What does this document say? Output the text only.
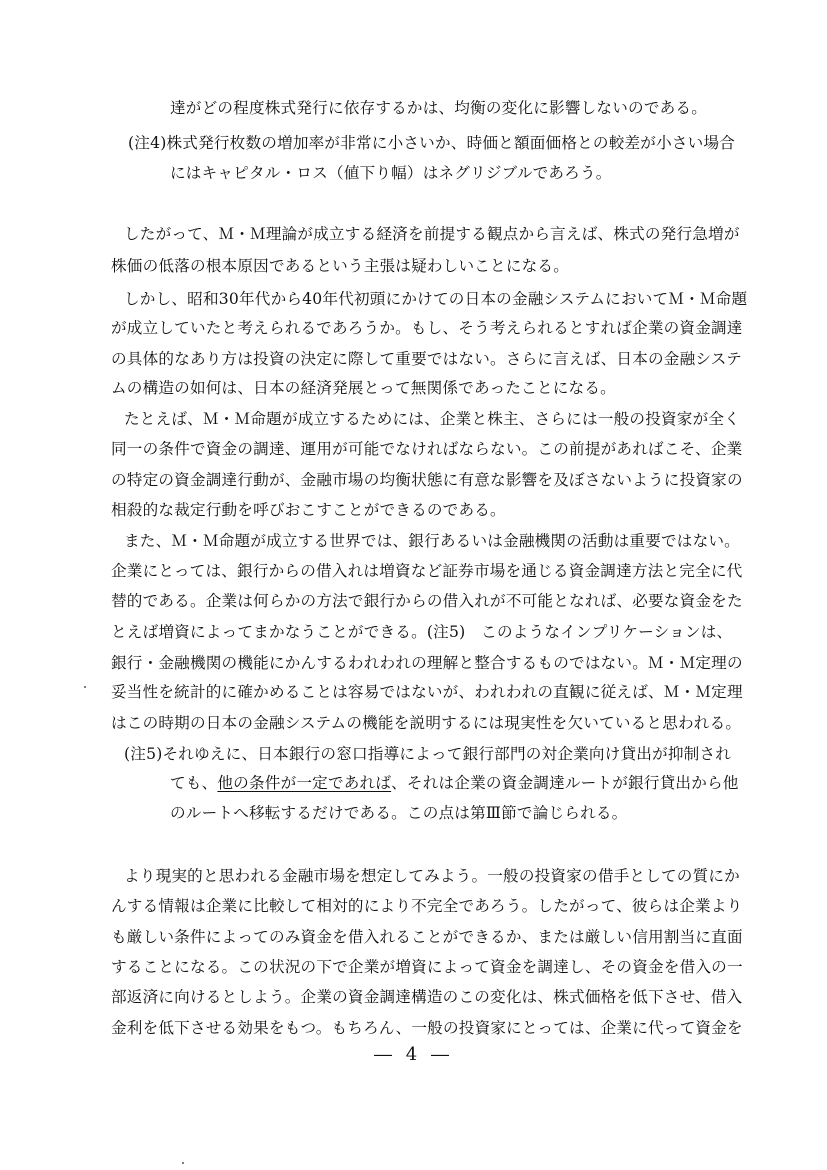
達がどの程度株式発行に依存するかは、均衡の変化に影響しないのである。
(注4)株式発行枚数の増加率が非常に小さいか、時価と額面価格との較差が小さい場合
にはキャピタル・ロス（値下り幅）はネグリジブルであろう。
したがって、Ｍ・Ｍ理論が成立する経済を前提する観点から言えば、株式の発行急増が
株価の低落の根本原因であるという主張は疑わしいことになる。
しかし、昭和30年代から40年代初頭にかけての日本の金融システムにおいてＭ・Ｍ命題
が成立していたと考えられるであろうか。もし、そう考えられるとすれば企業の資金調達
の具体的なあり方は投資の決定に際して重要ではない。さらに言えば、日本の金融システ
ムの構造の如何は、日本の経済発展とって無関係であったことになる。
たとえば、Ｍ・Ｍ命題が成立するためには、企業と株主、さらには一般の投資家が全く
同一の条件で資金の調達、運用が可能でなければならない。この前提があればこそ、企業
の特定の資金調達行動が、金融市場の均衡状態に有意な影響を及ぼさないように投資家の
相殺的な裁定行動を呼びおこすことができるのである。
また、Ｍ・Ｍ命題が成立する世界では、銀行あるいは金融機関の活動は重要ではない。
企業にとっては、銀行からの借入れは増資など証券市場を通じる資金調達方法と完全に代
替的である。企業は何らかの方法で銀行からの借入れが不可能となれば、必要な資金をた
とえば増資によってまかなうことができる。(注5)　このようなインプリケーションは、
銀行・金融機関の機能にかんするわれわれの理解と整合するものではない。Ｍ・Ｍ定理の
妥当性を統計的に確かめることは容易ではないが、われわれの直観に従えば、Ｍ・Ｍ定理
はこの時期の日本の金融システムの機能を説明するには現実性を欠いていると思われる。
(注5)それゆえに、日本銀行の窓口指導によって銀行部門の対企業向け貸出が抑制され
ても、他の条件が一定であれば、それは企業の資金調達ルートが銀行貸出から他
のルートへ移転するだけである。この点は第Ⅲ節で論じられる。
より現実的と思われる金融市場を想定してみよう。一般の投資家の借手としての質にか
んする情報は企業に比較して相対的により不完全であろう。したがって、彼らは企業より
も厳しい条件によってのみ資金を借入れることができるか、または厳しい信用割当に直面
することになる。この状況の下で企業が増資によって資金を調達し、その資金を借入の一
部返済に向けるとしよう。企業の資金調達構造のこの変化は、株式価格を低下させ、借入
金利を低下させる効果をもつ。もちろん、一般の投資家にとっては、企業に代って資金を
― 4 ―
